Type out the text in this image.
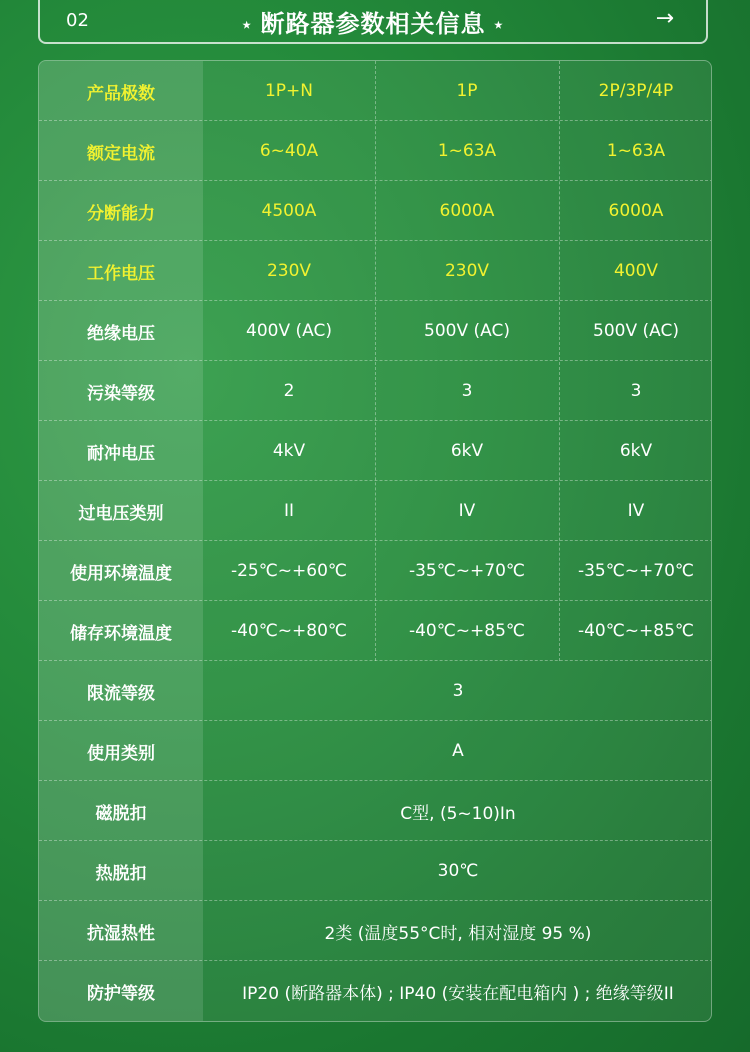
02	⋆ 断路器参数相关信息 ⋆	→
产品极数	1P+N	1P	2P/3P/4P
额定电流	6~40A	1~63A	1~63A
分断能力	4500A	6000A	6000A
工作电压	230V	230V	400V
绝缘电压	400V (AC)	500V (AC)	500V (AC)
污染等级	2	3	3
耐冲电压	4kV	6kV	6kV
过电压类别	II	IV	IV
使用环境温度	-25℃~+60℃	-35℃~+70℃	-35℃~+70℃
储存环境温度	-40℃~+80℃	-40℃~+85℃	-40℃~+85℃
限流等级	3
使用类别	A
磁脱扣	C型, (5~10)In
热脱扣	30℃
抗湿热性	2类 (温度55°C时, 相对湿度 95 %)
防护等级	IP20 (断路器本体) ; IP40 (安装在配电箱内 ) ; 绝缘等级II
